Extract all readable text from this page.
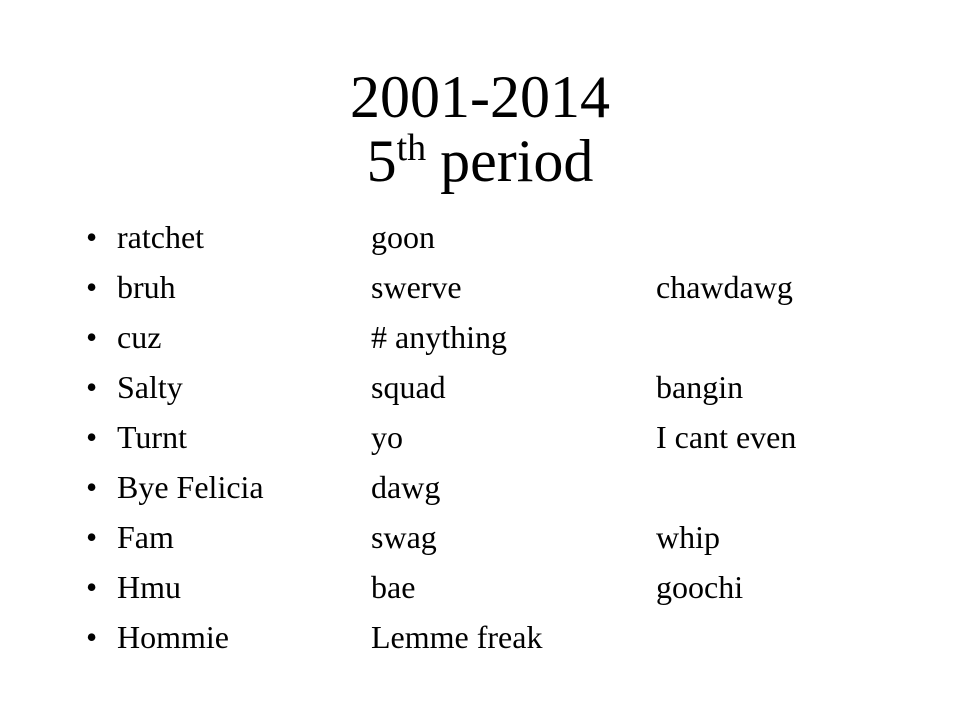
2001-2014
5th period
•
ratchet	goon
•
bruh	swerve	chawdawg
•
cuz	# anything
•
Salty	squad	bangin
•
Turnt	yo	I cant even
•
Bye Felicia	dawg
•
Fam	swag	whip
•
Hmu	bae	goochi
•
Hommie	Lemme freak
